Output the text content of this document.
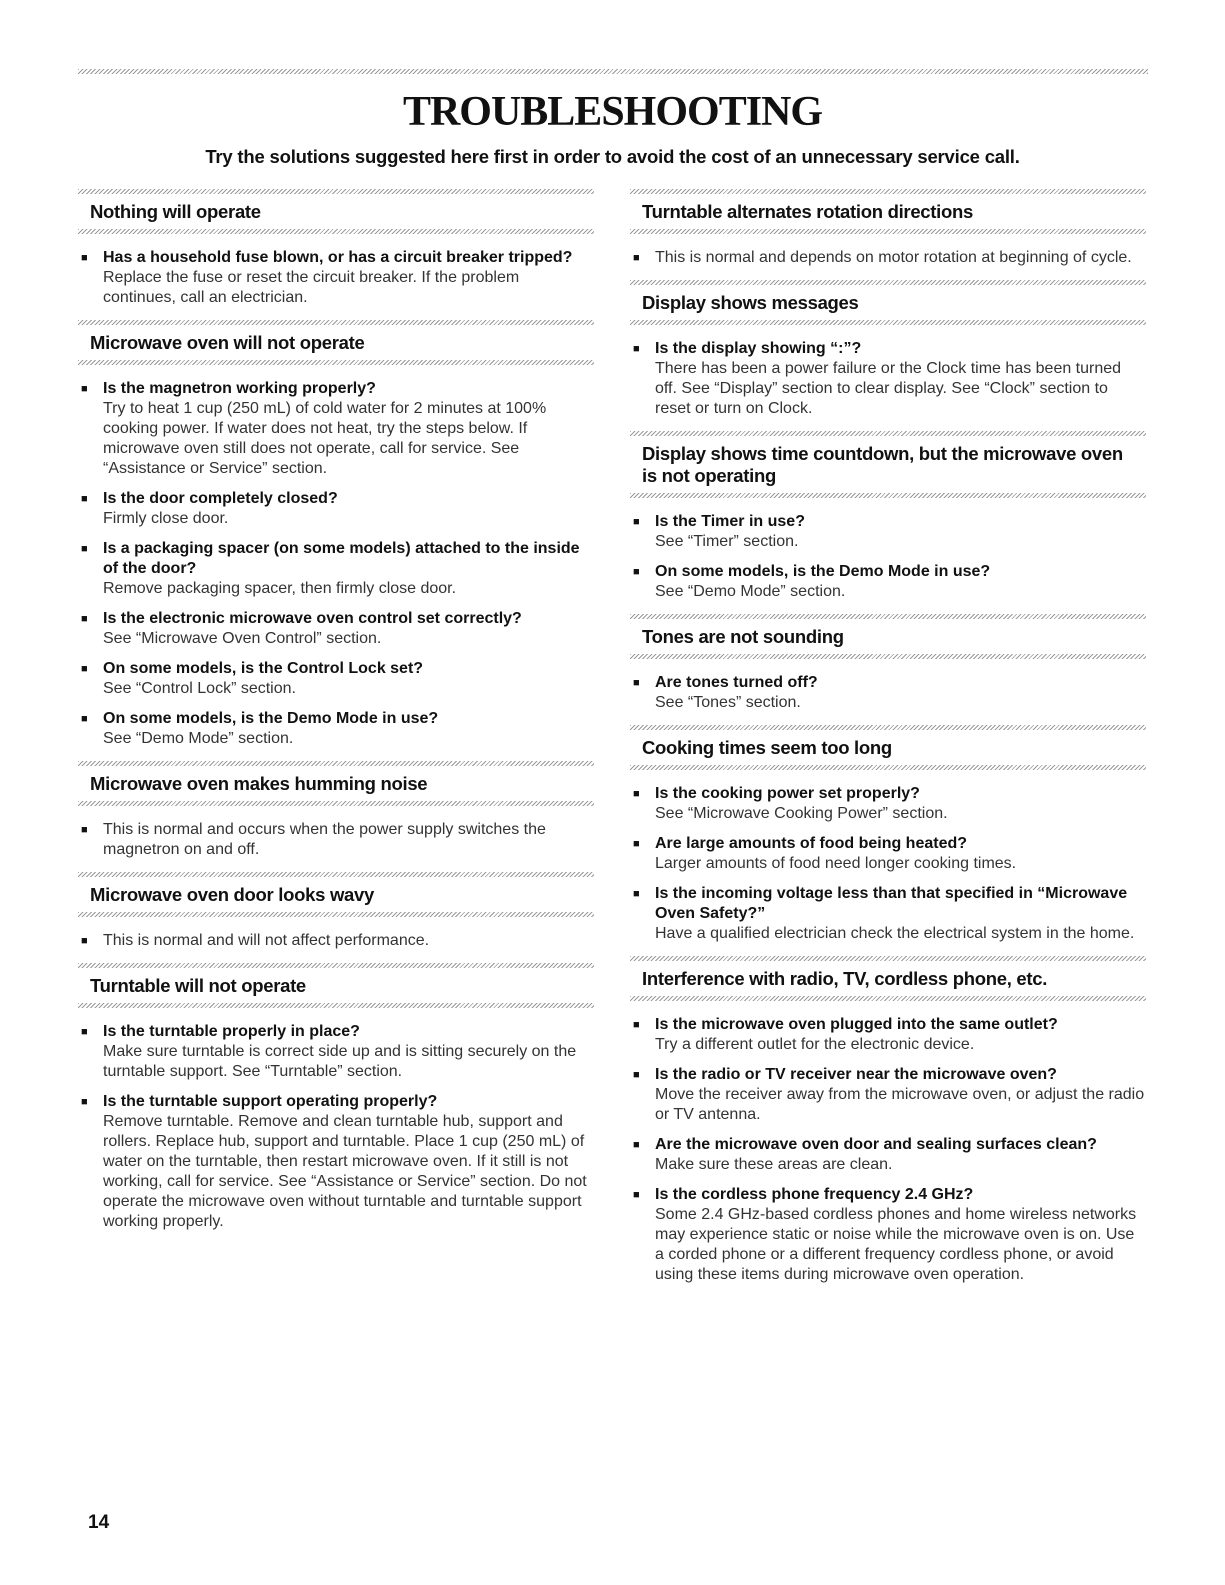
TROUBLESHOOTING
Try the solutions suggested here first in order to avoid the cost of an unnecessary service call.
Nothing will operate
■ Has a household fuse blown, or has a circuit breaker tripped?
Replace the fuse or reset the circuit breaker. If the problem continues, call an electrician.
Microwave oven will not operate
■ Is the magnetron working properly?
Try to heat 1 cup (250 mL) of cold water for 2 minutes at 100% cooking power. If water does not heat, try the steps below. If microwave oven still does not operate, call for service. See “Assistance or Service” section.
■ Is the door completely closed?
Firmly close door.
■ Is a packaging spacer (on some models) attached to the inside of the door?
Remove packaging spacer, then firmly close door.
■ Is the electronic microwave oven control set correctly?
See “Microwave Oven Control” section.
■ On some models, is the Control Lock set?
See “Control Lock” section.
■ On some models, is the Demo Mode in use?
See “Demo Mode” section.
Microwave oven makes humming noise
■ This is normal and occurs when the power supply switches the magnetron on and off.
Microwave oven door looks wavy
■ This is normal and will not affect performance.
Turntable will not operate
■ Is the turntable properly in place?
Make sure turntable is correct side up and is sitting securely on the turntable support. See “Turntable” section.
■ Is the turntable support operating properly?
Remove turntable. Remove and clean turntable hub, support and rollers. Replace hub, support and turntable. Place 1 cup (250 mL) of water on the turntable, then restart microwave oven. If it still is not working, call for service. See “Assistance or Service” section. Do not operate the microwave oven without turntable and turntable support working properly.
Turntable alternates rotation directions
■ This is normal and depends on motor rotation at beginning of cycle.
Display shows messages
■ Is the display showing “:”?
There has been a power failure or the Clock time has been turned off. See “Display” section to clear display. See “Clock” section to reset or turn on Clock.
Display shows time countdown, but the microwave oven is not operating
■ Is the Timer in use?
See “Timer” section.
■ On some models, is the Demo Mode in use?
See “Demo Mode” section.
Tones are not sounding
■ Are tones turned off?
See “Tones” section.
Cooking times seem too long
■ Is the cooking power set properly?
See “Microwave Cooking Power” section.
■ Are large amounts of food being heated?
Larger amounts of food need longer cooking times.
■ Is the incoming voltage less than that specified in “Microwave Oven Safety?”
Have a qualified electrician check the electrical system in the home.
Interference with radio, TV, cordless phone, etc.
■ Is the microwave oven plugged into the same outlet?
Try a different outlet for the electronic device.
■ Is the radio or TV receiver near the microwave oven?
Move the receiver away from the microwave oven, or adjust the radio or TV antenna.
■ Are the microwave oven door and sealing surfaces clean?
Make sure these areas are clean.
■ Is the cordless phone frequency 2.4 GHz?
Some 2.4 GHz-based cordless phones and home wireless networks may experience static or noise while the microwave oven is on. Use a corded phone or a different frequency cordless phone, or avoid using these items during microwave oven operation.
14
